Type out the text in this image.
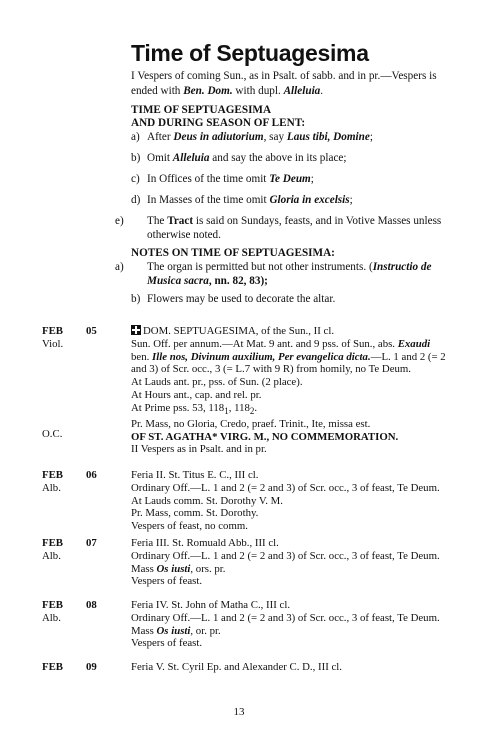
Time of Septuagesima
I Vespers of coming Sun., as in Psalt. of sabb. and in pr.—Vespers is ended with Ben. Dom. with dupl. Alleluia.
TIME OF SEPTUAGESIMA
AND DURING SEASON OF LENT:
a) After Deus in adiutorium, say Laus tibi, Domine;
b) Omit Alleluia and say the above in its place;
c) In Offices of the time omit Te Deum;
d) In Masses of the time omit Gloria in excelsis;
e) The Tract is said on Sundays, feasts, and in Votive Masses unless otherwise noted.
NOTES ON TIME OF SEPTUAGESIMA:
a) The organ is permitted but not other instruments. (Instructio de Musica sacra, nn. 82, 83);
b) Flowers may be used to decorate the altar.
FEB 05
Viol.
O.C.
DOM. SEPTUAGESIMA, of the Sun., II cl.
Sun. Off. per annum.—At Mat. 9 ant. and 9 pss. of Sun., abs. Exaudi
ben. Ille nos, Divinum auxilium, Per evangelica dicta.—L. 1 and 2 (= 2
and 3) of Scr. occ., 3 (= L.7 with 9 R) from homily, no Te Deum.
At Lauds ant. pr., pss. of Sun. (2 place).
At Hours ant., cap. and rel. pr.
At Prime pss. 53, $118_1$, $118_2$.
Pr. Mass, no Gloria, Credo, praef. Trinit., Ite, missa est.
OF ST. AGATHA* VIRG. M., NO COMMEMORATION.
II Vespers as in Psalt. and in pr.
FEB 06
Alb.
Feria II. St. Titus E. C., III cl.
Ordinary Off.—L. 1 and 2 (= 2 and 3) of Scr. occ., 3 of feast, Te Deum.
At Lauds comm. St. Dorothy V. M.
Pr. Mass, comm. St. Dorothy.
Vespers of feast, no comm.
FEB 07
Alb.
Feria III. St. Romuald Abb., III cl.
Ordinary Off.—L. 1 and 2 (= 2 and 3) of Scr. occ., 3 of feast, Te Deum.
Mass Os iusti, ors. pr.
Vespers of feast.
FEB 08
Alb.
Feria IV. St. John of Matha C., III cl.
Ordinary Off.—L. 1 and 2 (= 2 and 3) of Scr. occ., 3 of feast, Te Deum.
Mass Os iusti, or. pr.
Vespers of feast.
FEB 09	Feria V. St. Cyril Ep. and Alexander C. D., III cl.
13
